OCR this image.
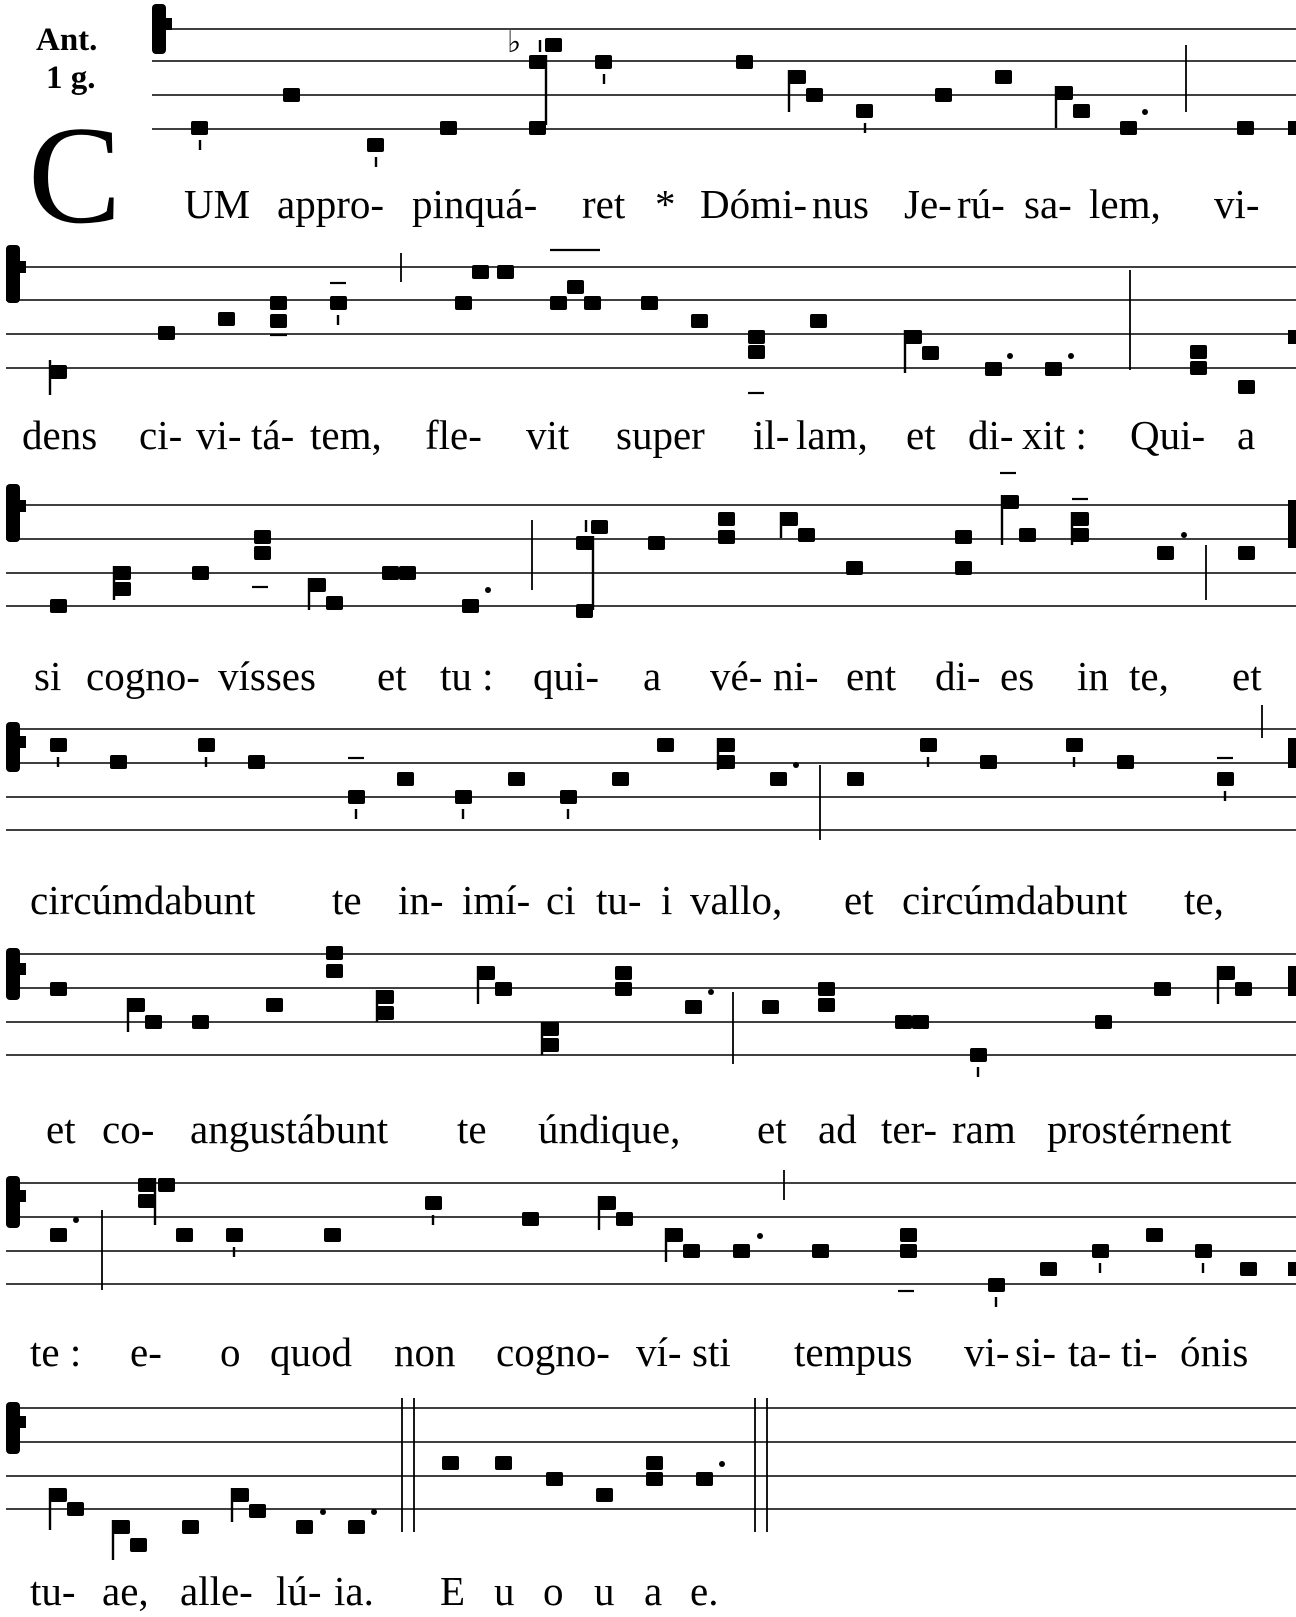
Ant.
1 g.
C
♭
UM appro- pinquá- ret * Dómi- nus Je- rú- sa- lem, vi-
dens ci- vi- tá- tem, fle- vit super il- lam, et di- xit : Qui- a
si cogno- vísses et tu : qui- a vé- ni- ent di- es in te, et
circúmdabunt te in- imí- ci tu- i vallo, et circúmdabunt te,
et co- angustábunt te úndique, et ad ter- ram prostérnent
te : e- o quod non cogno- ví- sti tempus vi- si- ta- ti- ónis
tu- ae, alle- lú- ia. E u o u a e.
